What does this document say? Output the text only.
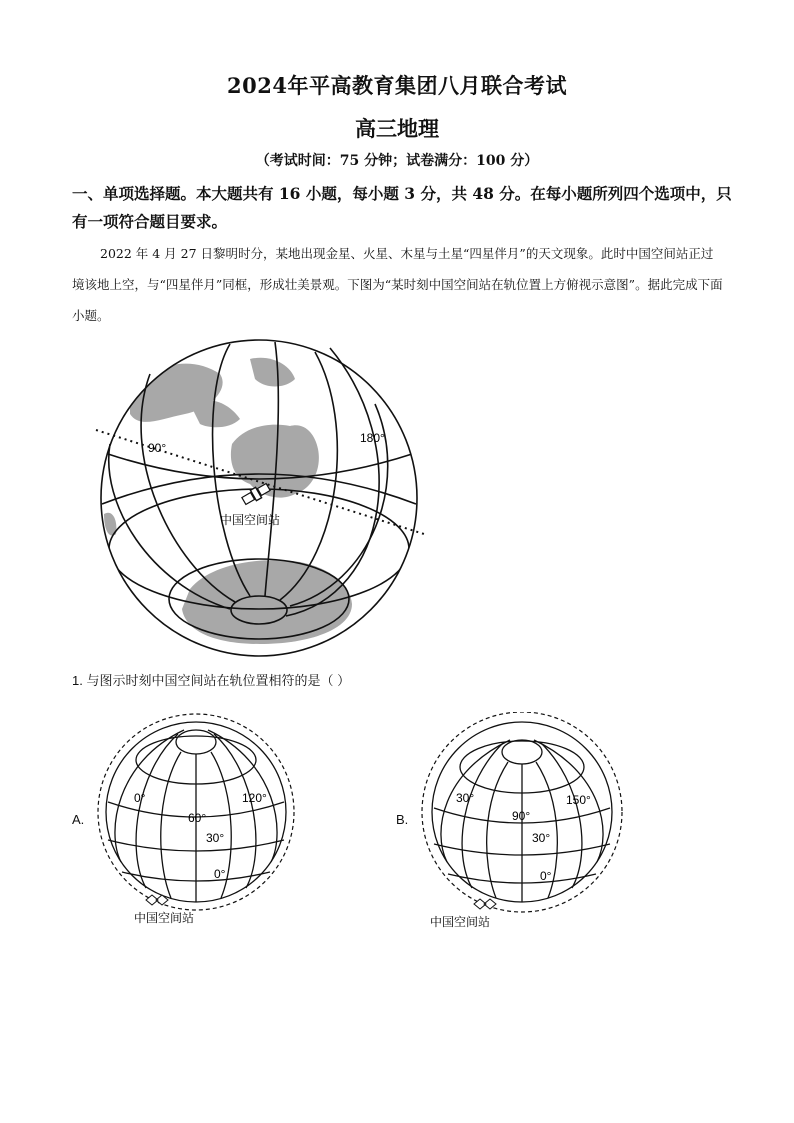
2024年平高教育集团八月联合考试
高三地理
（考试时间：75 分钟；试卷满分：100 分）
一、单项选择题。本大题共有 16 小题，每小题 3 分，共 48 分。在每小题所列四个选项中，只有一项符合题目要求。
2022 年 4 月 27 日黎明时分，某地出现金星、火星、木星与土星“四星伴月”的天文现象。此时中国空间站正过境该地上空，与“四星伴月”同框，形成壮美景观。下图为“某时刻中国空间站在轨位置上方俯视示意图”。据此完成下面小题。
90°
180°
中国空间站
1. 与图示时刻中国空间站在轨位置相符的是（ ）
A.	B.
0°
60°
120°
30°
0°
中国空间站
30°
90°
150°
30°
0°
中国空间站
